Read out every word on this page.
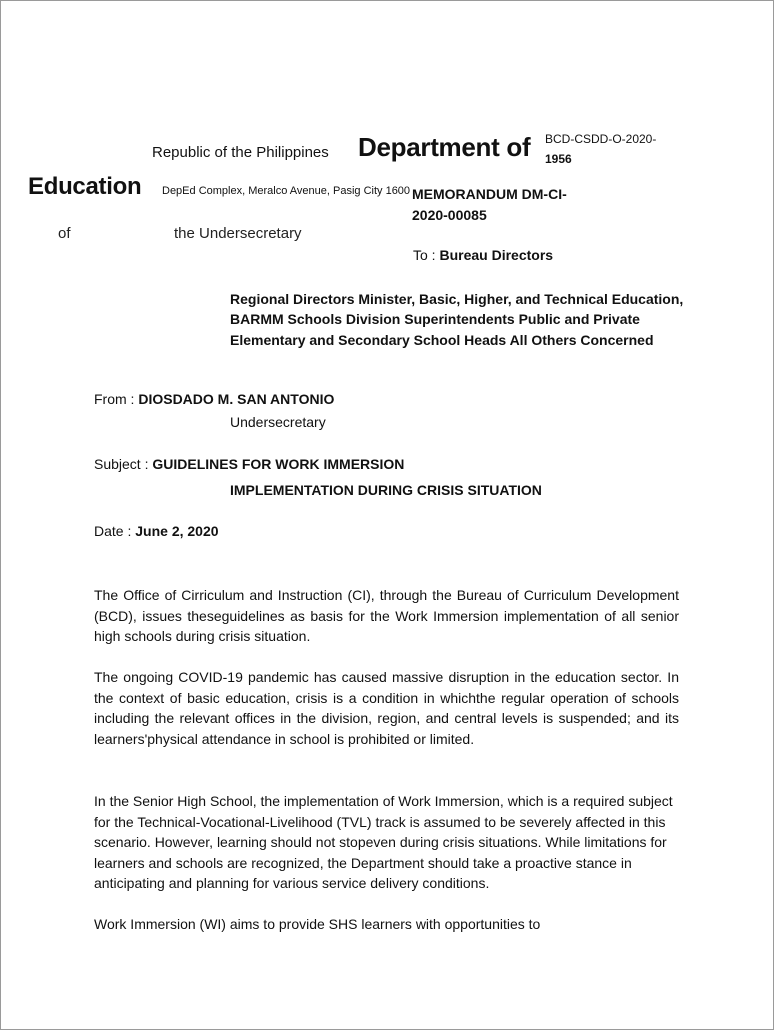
Republic of the Philippines Department of BCD-CSDD-O-2020-
1956
Education DepEd Complex, Meralco Avenue, Pasig City 1600 MEMORANDUM DM-CI-
2020-00085
of	the Undersecretary
To : Bureau Directors
Regional Directors Minister, Basic, Higher, and Technical Education,
BARMM Schools Division Superintendents Public and Private
Elementary and Secondary School Heads All Others Concerned
From : DIOSDADO M. SAN ANTONIO
Undersecretary
Subject : GUIDELINES FOR WORK IMMERSION
IMPLEMENTATION DURING CRISIS SITUATION
Date : June 2, 2020

The Office of Cirriculum and Instruction (CI), through the Bureau of Curriculum Development (BCD), issues theseguidelines as basis for the Work Immersion implementation of all senior high schools during crisis situation.

The ongoing COVID-19 pandemic has caused massive disruption in the education sector. In the context of basic education, crisis is a condition in whichthe regular operation of schools including the relevant offices in the division, region, and central levels is suspended; and its learners'physical attendance in school is prohibited or limited.

In the Senior High School, the implementation of Work Immersion, which is a required subject for the Technical-Vocational-Livelihood (TVL) track is assumed to be severely affected in this scenario. However, learning should not stopeven during crisis situations. While limitations for learners and schools are recognized, the Department should take a proactive stance in anticipating and planning for various service delivery conditions.

Work Immersion (WI) aims to provide SHS learners with opportunities to
